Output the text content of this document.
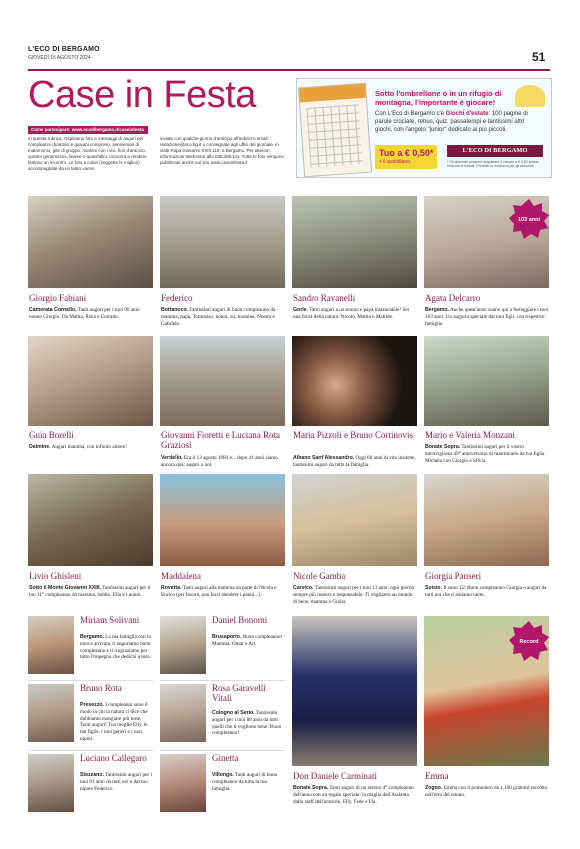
L'ECO DI BERGAMO
GIOVEDÌ 15 AGOSTO 2024	51
Case in Festa
Come partecipare: www.ecodibergamo.it/caseinfesta
In questa rubrica, Ospitiamo foto e messaggi di auguri per compleanni (bambini e giovani compresi), anniversari di matrimonio, gite di gruppo, riunioni con i vivi, fiori d'arancio, quattro generazioni, lauree o quant'altro concorra a rendere festoso un incontro. Le foto a colori (soggette le migliori) accompagnate da un testo vanno
inviate con qualche giorno d'anticipo all'indirizzo email: redazione@eco.bg.it o consegnate agli uffici del giornale, in viale Papa Giovanni XXIII 118, a Bergamo. Per ulteriori informazioni telefonare allo 035.386.111. Tutte le foto vengono pubblicate anche sul sito www.caseinfesta.it
Sotto l'ombrellone o in un rifugio di montagna, l'importante è giocare!
Con L'Eco di Bergamo c'è Giochi d'estate: 100 pagine di parole crociate, rebus, quiz, passatempi e tantissimi altri giochi, con l'angolo "junior" dedicato ai più piccoli.
Tuo a € 0,50*
+ il quotidiano.
L'ECO DI BERGAMO
* Gli abbonati possono acquistare il volume a € 0,50 presso l'edicola di fiducia. Prodotto in esclusiva per gli abbonati.
103 anni
Giorgio Fabiani
Camerata Cornello. Tanti auguri per i tuoi 90 anni nonno Giorgio. Da Mattia, Rosa e Corrado.
Federico
Bottanuco. Tantissimi auguri di buon compleanno da mamma, papà, Tommaso, nonni, zii, nonnine, Noemi e Gabriele.
Sandro Ravanelli
Gorle. Tanti auguri a un nonno e papà instancabile! Sei una forza della natura. Nicolò, Mattia e Matilde.
Agata Delcarro
Bergamo. Anche quest'anno siamo qui a festeggiare i tuoi 103 anni. Un augurio speciale dai tuoi figli, con rispettive famiglie.
Guia Borelli
Dalmine. Auguri mamma, con infinito amore!
Giovanni Fioretti e Luciana Rota Graziosi
Verdello. Era il 13 agosto 1983 e... dopo 41 anni siamo ancora qua: auguri a noi.
Maria Pizzoli e Bruno Cortinovis
Albano Sant'Alessandro. Oggi 60 anni di vita insieme, tantissimi auguri da tutta la famiglia.
Mario e Valeria Monzani
Bonate Sopra. Tantissimi auguri per il vostro meraviglioso 49° anniversario di matrimonio da tua figlia Michela con Giorgio e Silvia.
Livio Ghisleni
Sotto il Monte Giovanni XXIII. Tantissimi auguri per il tuo 11° compleanno da mamma, babbo, Ella e i nonni.
Maddalena
Rovetta. Tanti auguri alla mamma da parte di Nicola e Enrico (per favore, non farci stendere i panni...).
Nicole Gamba
Carvico. Tantissimi auguri per i tuoi 13 anni, ogni giorno sempre più matura e responsabile. Ti vogliamo un mondo di bene, mamma e Giulia.
Giorgia Panseri
Suisio. Il sono 15! Buon compleanno Giorgia e auguri da tutti noi che ti amiamo tanto.
Miriam Solivani
Bergamo. La tua famiglia con la nuova arrivata, ti auguriamo buon compleanno e ti ringraziamo per tutto l'impegno che dedichi a loro.
Daniel Bonomi
Brusaporto. Buon compleanno! Mamma, Omar e Ari.
Bruno Rota
Presezzo. I compleanni sono il modo in cui la natura ci dice che dobbiamo mangiare più torte. Tanti auguri! Tua moglie Elly, le tue figlie, i tuoi generi e i tuoi nipoti.
Rosa Garavelli Vitali
Cologno al Serio. Tantissimi auguri per i tuoi 88 anni da tutti quelli che ti vogliono bene. Buon compleanno!
Luciano Callegaro
Stezzano. Tantissimi auguri per i tuoi 81 anni da tutti noi e dal tuo nipote Federico.
Ginetta
Villongo. Tanti auguri di buon compleanno da tutta la tua famiglia.
Record
Don Daniele Carminati
Bonate Sopra. Tanti auguri di un sereno 4° compleanno dell'anno con un regalo speciale: la maglia dell'Atalanta dallo staff dell'oratorio, Elly, Fede e Fla.
Emma
Zogno. Emma con il pomodoro da 1.100 grammi raccolto nell'orto del nonno.
